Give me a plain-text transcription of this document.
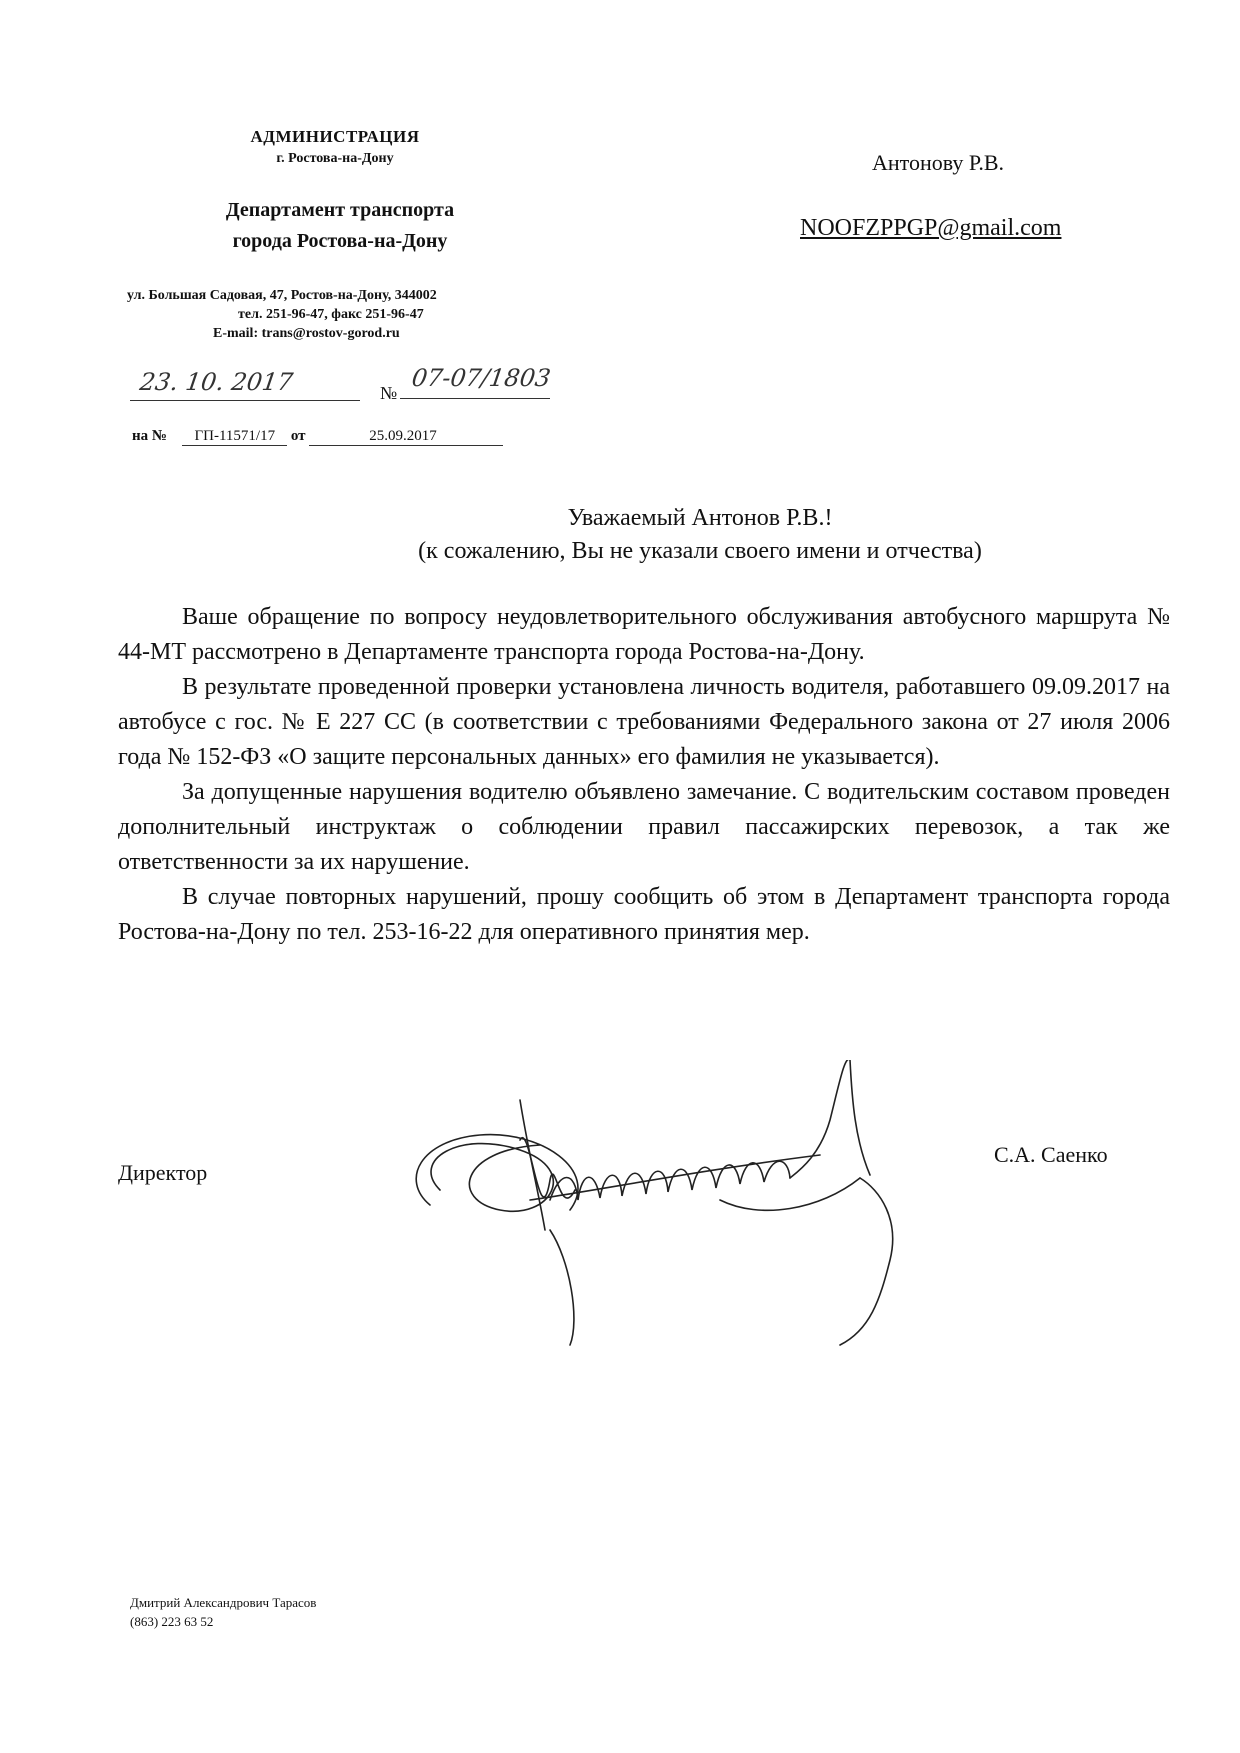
АДМИНИСТРАЦИЯ
г. Ростова-на-Дону
Департамент транспорта
города Ростова-на-Дону
ул. Большая Садовая, 47, Ростов-на-Дону, 344002
тел. 251-96-47, факс 251-96-47
E-mail: trans@rostov-gorod.ru
23. 10. 2017	№
07-07/1803
на № ГП-11571/17 от	25.09.2017
Антонову Р.В.
NOOFZPPGP@gmail.com
Уважаемый Антонов Р.В.!
(к сожалению, Вы не указали своего имени и отчества)

Ваше обращение по вопросу неудовлетворительного обслуживания автобусного маршрута № 44-МТ рассмотрено в Департаменте транспорта города Ростова-на-Дону.

В результате проведенной проверки установлена личность водителя, работавшего 09.09.2017 на автобусе с гос. № Е 227 СС (в соответствии с требованиями Федерального закона от 27 июля 2006 года № 152-ФЗ «О защите персональных данных» его фамилия не указывается).

За допущенные нарушения водителю объявлено замечание. С водительским составом проведен дополнительный инструктаж о соблюдении правил пассажирских перевозок, а так же ответственности за их нарушение.

В случае повторных нарушений, прошу сообщить об этом в Департамент транспорта города Ростова-на-Дону по тел. 253-16-22 для оперативного принятия мер.

Директор
С.А. Саенко
Дмитрий Александрович Тарасов
(863) 223 63 52
